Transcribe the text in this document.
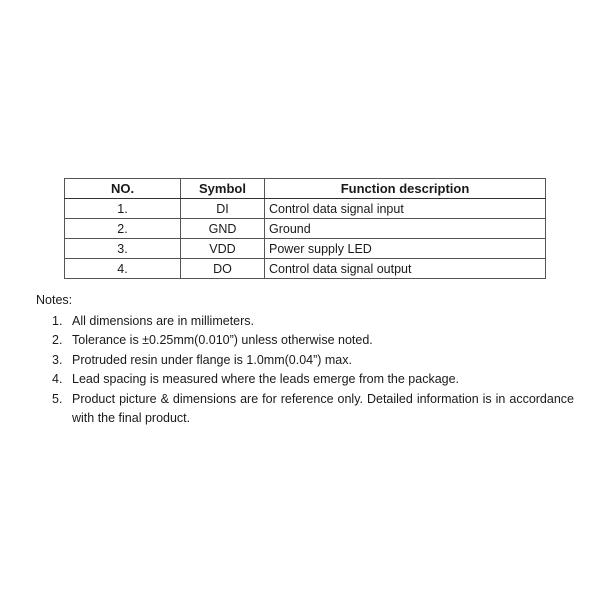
NO.	Symbol	Function description
1.	DI	Control data signal input
2.	GND	Ground
3.	VDD	Power supply LED
4.	DO	Control data signal output

Notes:

1. All dimensions are in millimeters.
2. Tolerance is ±0.25mm(0.010”) unless otherwise noted.
3. Protruded resin under flange is 1.0mm(0.04”) max.
4. Lead spacing is measured where the leads emerge from the package.
5. Product picture & dimensions are for reference only. Detailed information is in accordance with the final product.
